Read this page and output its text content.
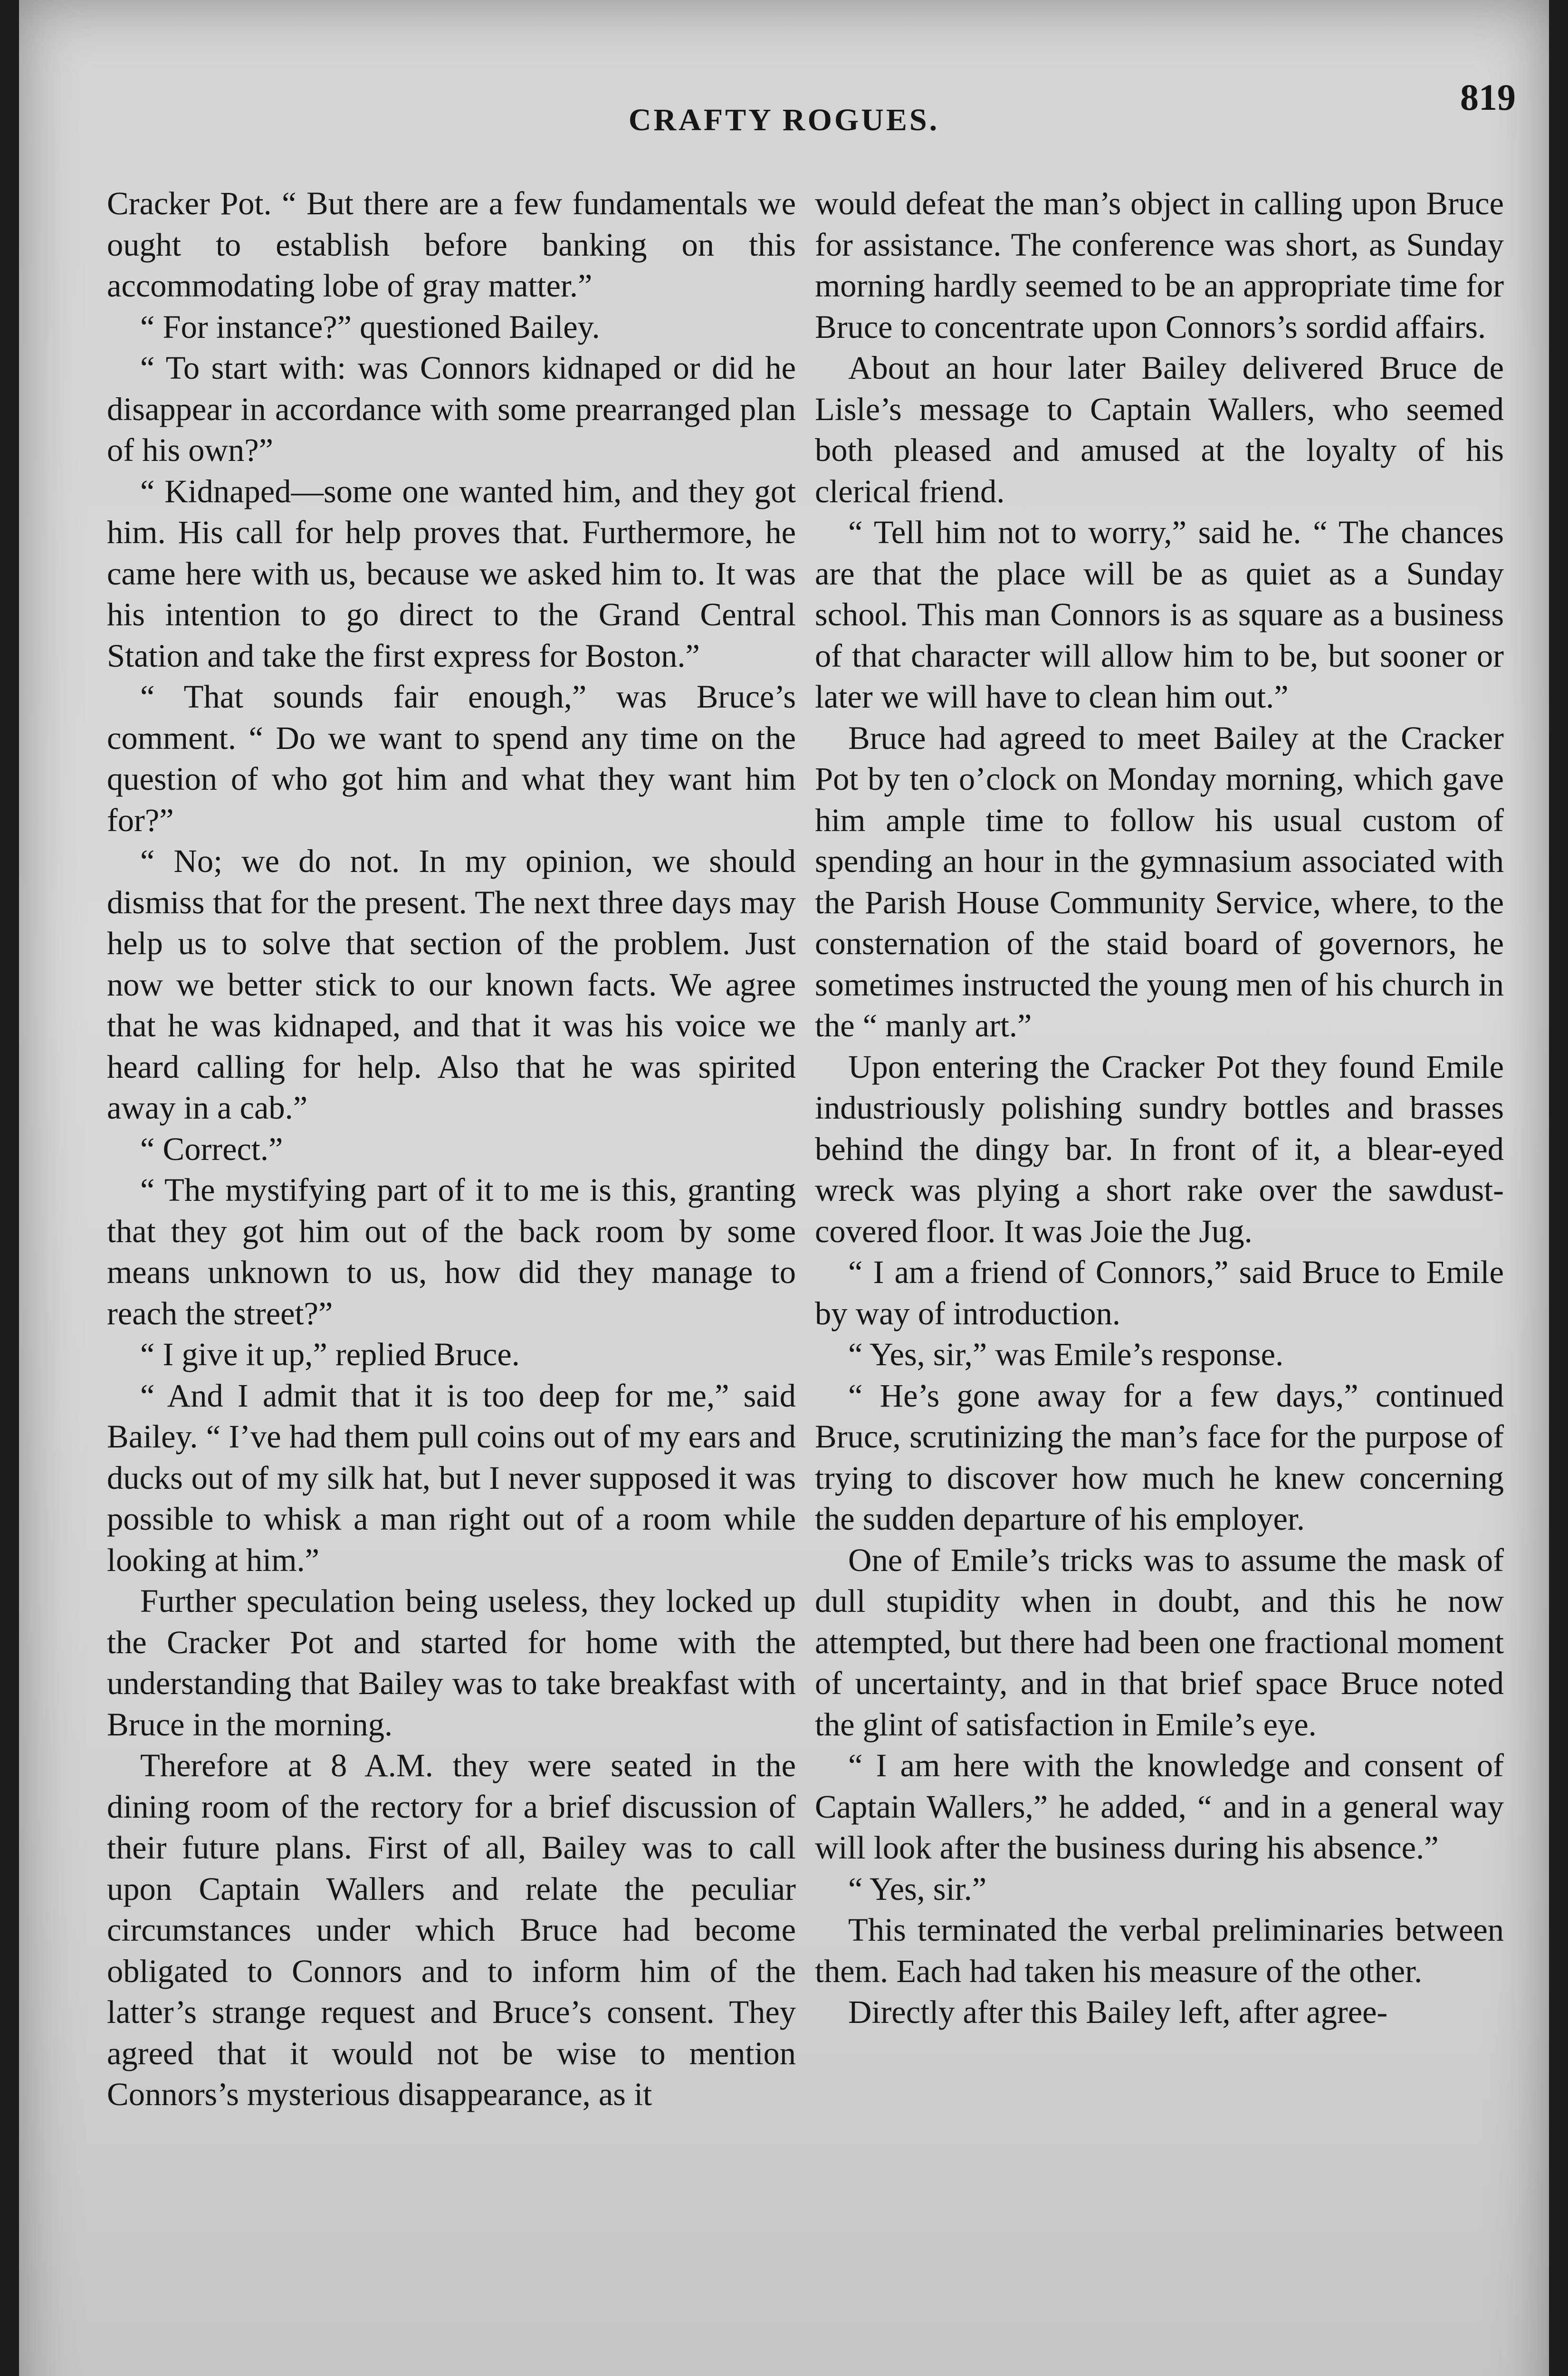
CRAFTY ROGUES.
819

Cracker Pot. “ But there are a few fundamentals we ought to establish before banking on this accommodating lobe of gray matter.”

“ For instance?” questioned Bailey.

“ To start with: was Connors kidnaped or did he disappear in accordance with some prearranged plan of his own?”

“ Kidnaped—some one wanted him, and they got him. His call for help proves that. Furthermore, he came here with us, because we asked him to. It was his intention to go direct to the Grand Central Station and take the first express for Boston.”

“ That sounds fair enough,” was Bruce’s comment. “ Do we want to spend any time on the question of who got him and what they want him for?”

“ No; we do not. In my opinion, we should dismiss that for the present. The next three days may help us to solve that section of the problem. Just now we better stick to our known facts. We agree that he was kidnaped, and that it was his voice we heard calling for help. Also that he was spirited away in a cab.”

“ Correct.”

“ The mystifying part of it to me is this, granting that they got him out of the back room by some means unknown to us, how did they manage to reach the street?”

“ I give it up,” replied Bruce.

“ And I admit that it is too deep for me,” said Bailey. “ I’ve had them pull coins out of my ears and ducks out of my silk hat, but I never supposed it was possible to whisk a man right out of a room while looking at him.”

Further speculation being useless, they locked up the Cracker Pot and started for home with the understanding that Bailey was to take breakfast with Bruce in the morning.

Therefore at 8 A.M. they were seated in the dining room of the rectory for a brief discussion of their future plans. First of all, Bailey was to call upon Captain Wallers and relate the peculiar circumstances under which Bruce had become obligated to Connors and to inform him of the latter’s strange request and Bruce’s consent. They agreed that it would not be wise to mention Connors’s mysterious disappearance, as it

would defeat the man’s object in calling upon Bruce for assistance. The conference was short, as Sunday morning hardly seemed to be an appropriate time for Bruce to concentrate upon Connors’s sordid affairs.

About an hour later Bailey delivered Bruce de Lisle’s message to Captain Wallers, who seemed both pleased and amused at the loyalty of his clerical friend.

“ Tell him not to worry,” said he. “ The chances are that the place will be as quiet as a Sunday school. This man Connors is as square as a business of that character will allow him to be, but sooner or later we will have to clean him out.”

Bruce had agreed to meet Bailey at the Cracker Pot by ten o’clock on Monday morning, which gave him ample time to follow his usual custom of spending an hour in the gymnasium associated with the Parish House Community Service, where, to the consternation of the staid board of governors, he sometimes instructed the young men of his church in the “ manly art.”

Upon entering the Cracker Pot they found Emile industriously polishing sundry bottles and brasses behind the dingy bar. In front of it, a blear-eyed wreck was plying a short rake over the sawdust-covered floor. It was Joie the Jug.

“ I am a friend of Connors,” said Bruce to Emile by way of introduction.

“ Yes, sir,” was Emile’s response.

“ He’s gone away for a few days,” continued Bruce, scrutinizing the man’s face for the purpose of trying to discover how much he knew concerning the sudden departure of his employer.

One of Emile’s tricks was to assume the mask of dull stupidity when in doubt, and this he now attempted, but there had been one fractional moment of uncertainty, and in that brief space Bruce noted the glint of satisfaction in Emile’s eye.

“ I am here with the knowledge and consent of Captain Wallers,” he added, “ and in a general way will look after the business during his absence.”

“ Yes, sir.”

This terminated the verbal preliminaries between them. Each had taken his measure of the other.

Directly after this Bailey left, after agree-
